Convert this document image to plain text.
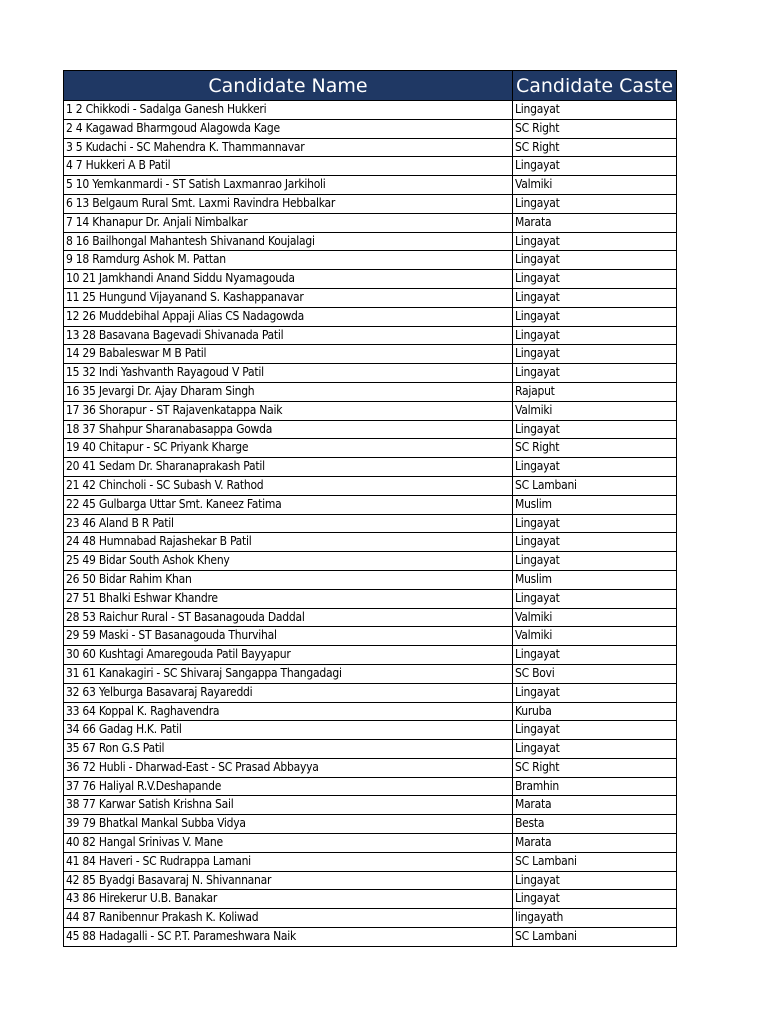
Candidate Name	Candidate Caste
1 2 Chikkodi - Sadalga Ganesh Hukkeri	Lingayat
2 4 Kagawad Bharmgoud Alagowda Kage	SC Right
3 5 Kudachi - SC Mahendra K. Thammannavar	SC Right
4 7 Hukkeri A B Patil	Lingayat
5 10 Yemkanmardi - ST Satish Laxmanrao Jarkiholi	Valmiki
6 13 Belgaum Rural Smt. Laxmi Ravindra Hebbalkar	Lingayat
7 14 Khanapur Dr. Anjali Nimbalkar	Marata
8 16 Bailhongal Mahantesh Shivanand Koujalagi	Lingayat
9 18 Ramdurg Ashok M. Pattan	Lingayat
10 21 Jamkhandi Anand Siddu Nyamagouda	Lingayat
11 25 Hungund Vijayanand S. Kashappanavar	Lingayat
12 26 Muddebihal Appaji Alias CS Nadagowda	Lingayat
13 28 Basavana Bagevadi Shivanada Patil	Lingayat
14 29 Babaleswar M B Patil	Lingayat
15 32 Indi Yashvanth Rayagoud V Patil	Lingayat
16 35 Jevargi Dr. Ajay Dharam Singh	Rajaput
17 36 Shorapur - ST Rajavenkatappa Naik	Valmiki
18 37 Shahpur Sharanabasappa Gowda	Lingayat
19 40 Chitapur - SC Priyank Kharge	SC Right
20 41 Sedam Dr. Sharanaprakash Patil	Lingayat
21 42 Chincholi - SC Subash V. Rathod	SC Lambani
22 45 Gulbarga Uttar Smt. Kaneez Fatima	Muslim
23 46 Aland B R Patil	Lingayat
24 48 Humnabad Rajashekar B Patil	Lingayat
25 49 Bidar South Ashok Kheny	Lingayat
26 50 Bidar Rahim Khan	Muslim
27 51 Bhalki Eshwar Khandre	Lingayat
28 53 Raichur Rural - ST Basanagouda Daddal	Valmiki
29 59 Maski - ST Basanagouda Thurvihal	Valmiki
30 60 Kushtagi Amaregouda Patil Bayyapur	Lingayat
31 61 Kanakagiri - SC Shivaraj Sangappa Thangadagi	SC Bovi
32 63 Yelburga Basavaraj Rayareddi	Lingayat
33 64 Koppal K. Raghavendra	Kuruba
34 66 Gadag H.K. Patil	Lingayat
35 67 Ron G.S Patil	Lingayat
36 72 Hubli - Dharwad-East - SC Prasad Abbayya	SC Right
37 76 Haliyal R.V.Deshapande	Bramhin
38 77 Karwar Satish Krishna Sail	Marata
39 79 Bhatkal Mankal Subba Vidya	Besta
40 82 Hangal Srinivas V. Mane	Marata
41 84 Haveri - SC Rudrappa Lamani	SC Lambani
42 85 Byadgi Basavaraj N. Shivannanar	Lingayat
43 86 Hirekerur U.B. Banakar	Lingayat
44 87 Ranibennur Prakash K. Koliwad	lingayath
45 88 Hadagalli - SC P.T. Parameshwara Naik	SC Lambani
